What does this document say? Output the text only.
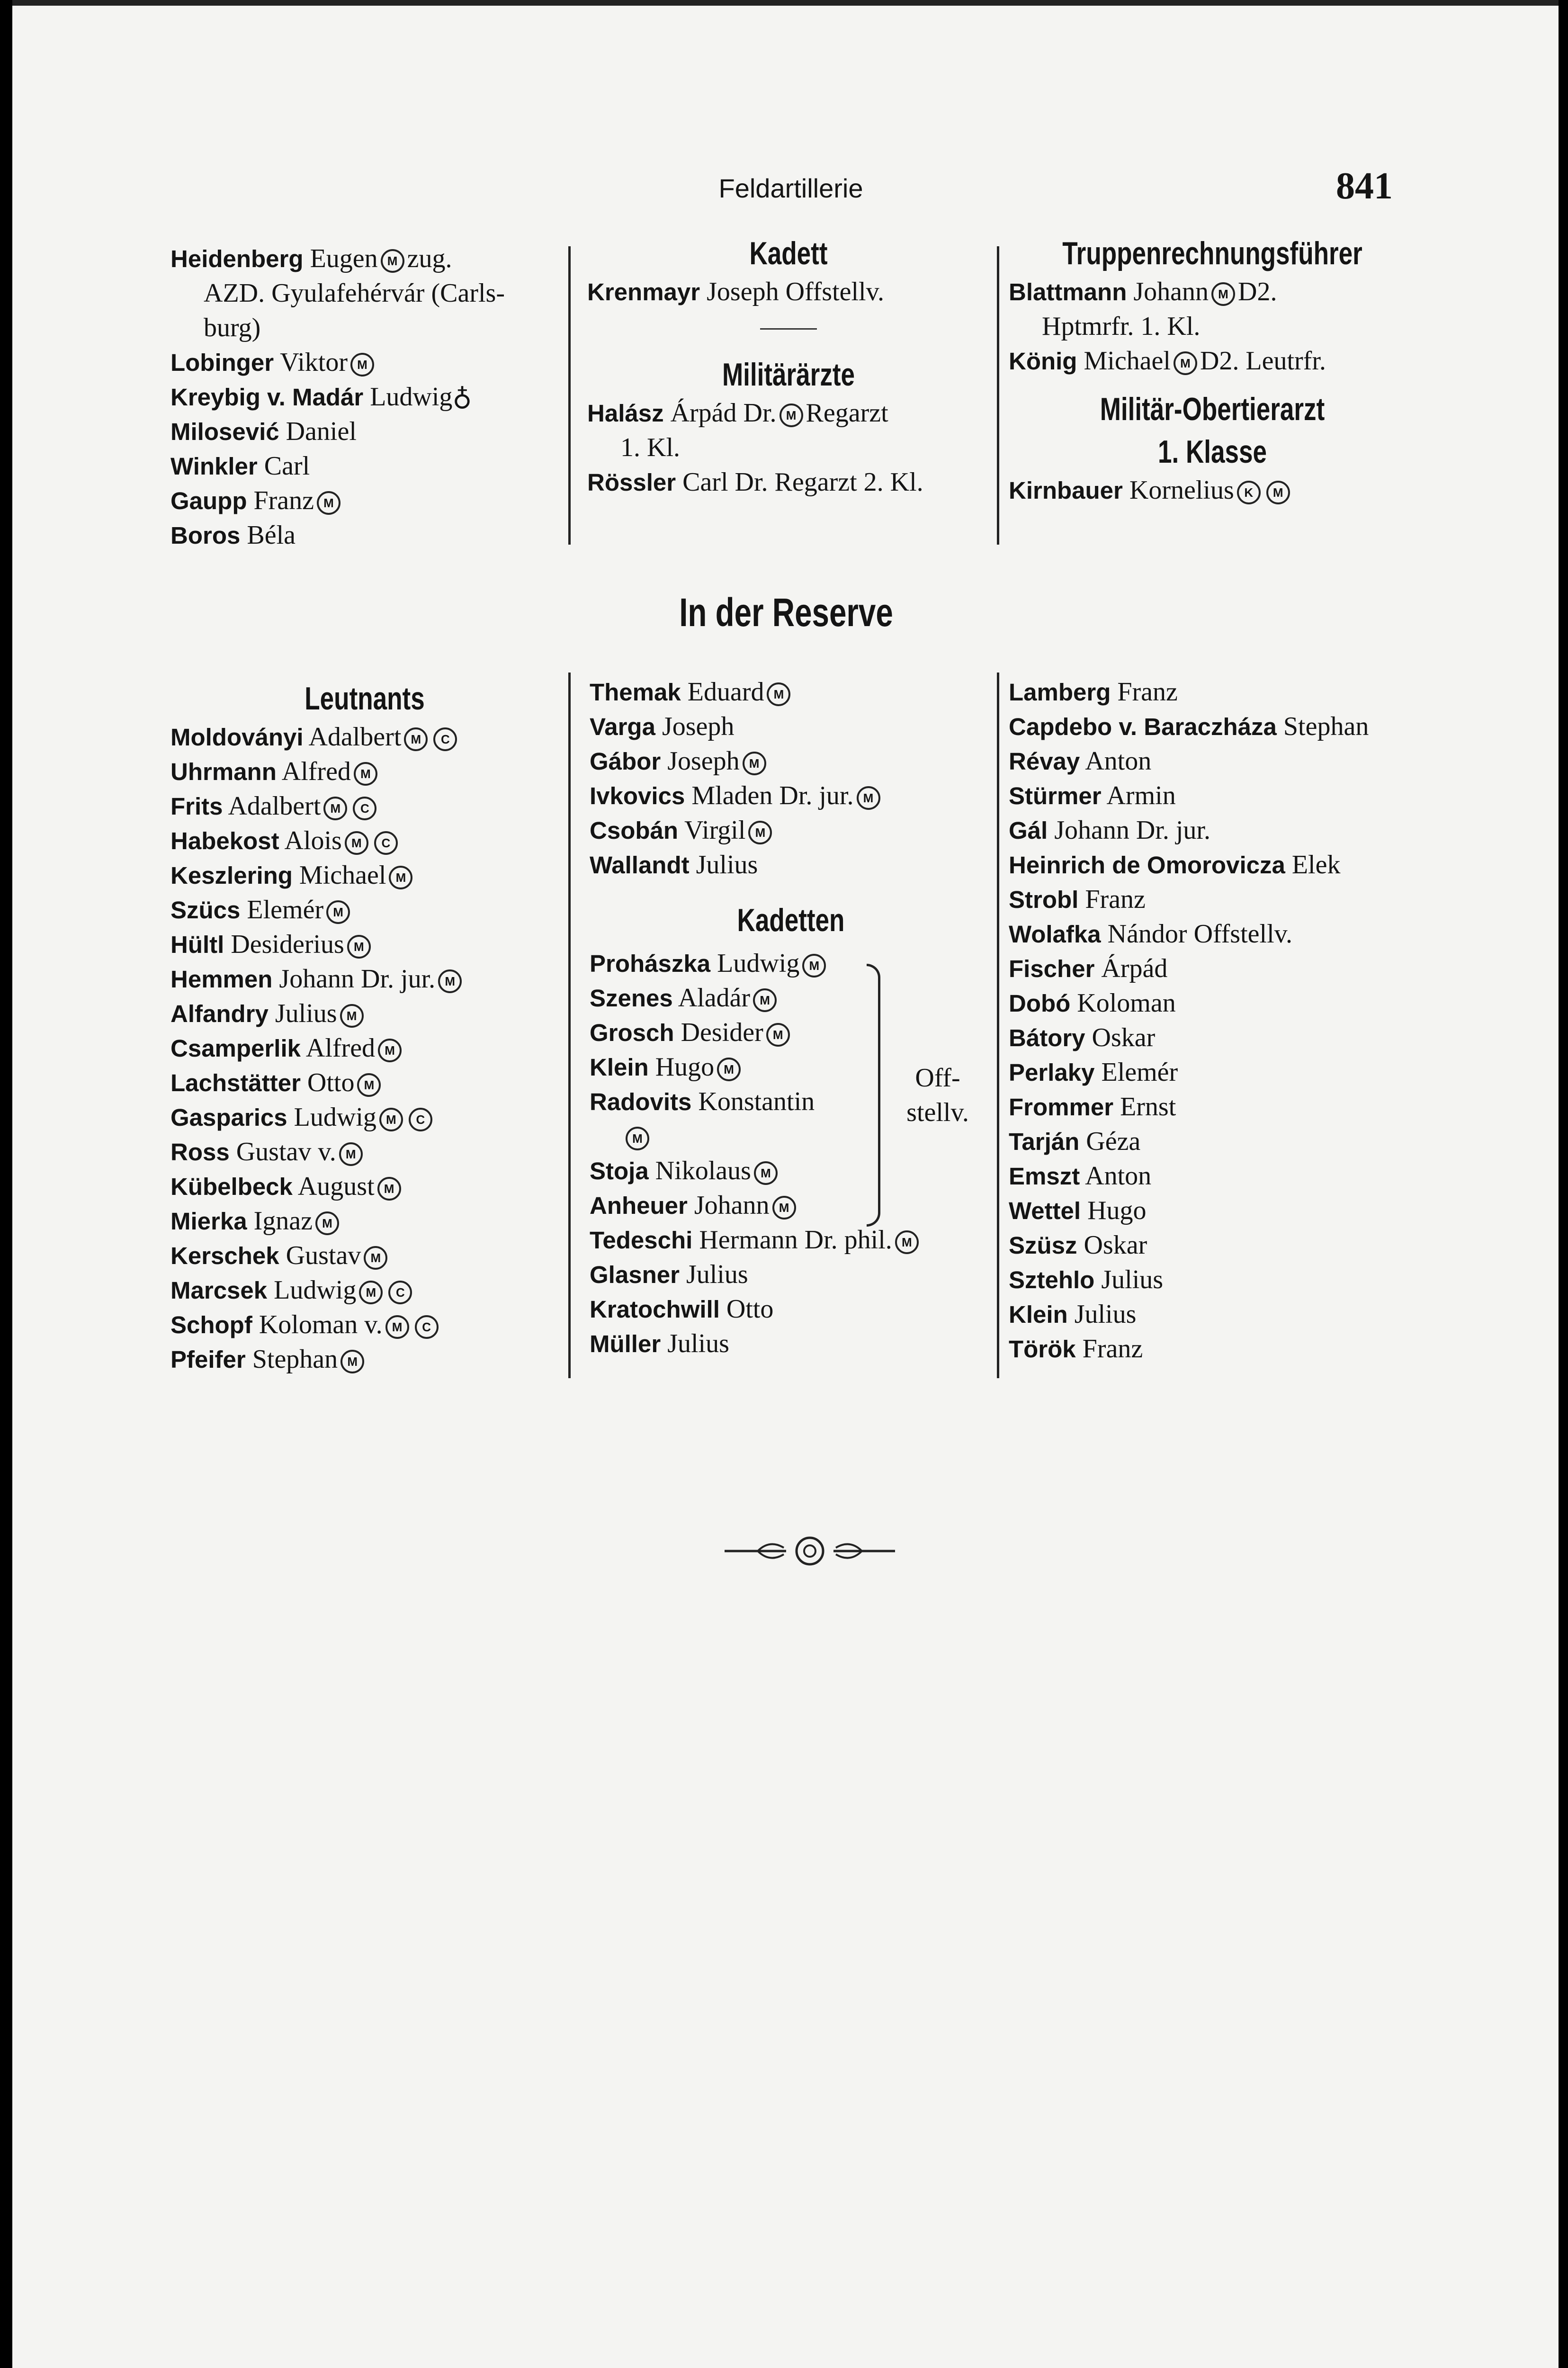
Feldartillerie	841
Heidenberg Eugen M zug.
AZD. Gyulafehérvár (Carls-
burg)
Lobinger Viktor M
Kreybig v. Madár Ludwig♁
Milosević Daniel
Winkler Carl
Gaupp Franz M
Boros Béla
Kadett
Krenmayr Joseph Offstellv.
Militärärzte
Halász Árpád Dr. M Regarzt
1. Kl.
Rössler Carl Dr. Regarzt 2. Kl.
Truppenrechnungsführer
Blattmann Johann M D2.
Hptmrfr. 1. Kl.
König Michael M D2. Leutrfr.
Militär-Obertierarzt
1. Klasse
Kirnbauer Kornelius K M
In der Reserve
Leutnants
Moldoványi Adalbert M C
Uhrmann Alfred M
Frits Adalbert M C
Habekost Alois M C
Keszlering Michael M
Szücs Elemér M
Hültl Desiderius M
Hemmen Johann Dr. jur. M
Alfandry Julius M
Csamperlik Alfred M
Lachstätter Otto M
Gasparics Ludwig M C
Ross Gustav v. M
Kübelbeck August M
Mierka Ignaz M
Kerschek Gustav M
Marcsek Ludwig M C
Schopf Koloman v. M C
Pfeifer Stephan M
Themak Eduard M
Varga Joseph
Gábor Joseph M
Ivkovics Mladen Dr. jur. M
Csobán Virgil M
Wallandt Julius
Kadetten
Prohászka Ludwig M
Szenes Aladár M
Grosch Desider M
Klein Hugo M
Radovits Konstantin
M
Stoja Nikolaus M
Anheuer Johann M
Tedeschi Hermann Dr. phil. M
Glasner Julius
Kratochwill Otto
Müller Julius
Off-
stellv.
Lamberg Franz
Capdebo v. Baraczháza Stephan
Révay Anton
Stürmer Armin
Gál Johann Dr. jur.
Heinrich de Omorovicza Elek
Strobl Franz
Wolafka Nándor Offstellv.
Fischer Árpád
Dobó Koloman
Bátory Oskar
Perlaky Elemér
Frommer Ernst
Tarján Géza
Emszt Anton
Wettel Hugo
Szüsz Oskar
Sztehlo Julius
Klein Julius
Török Franz
